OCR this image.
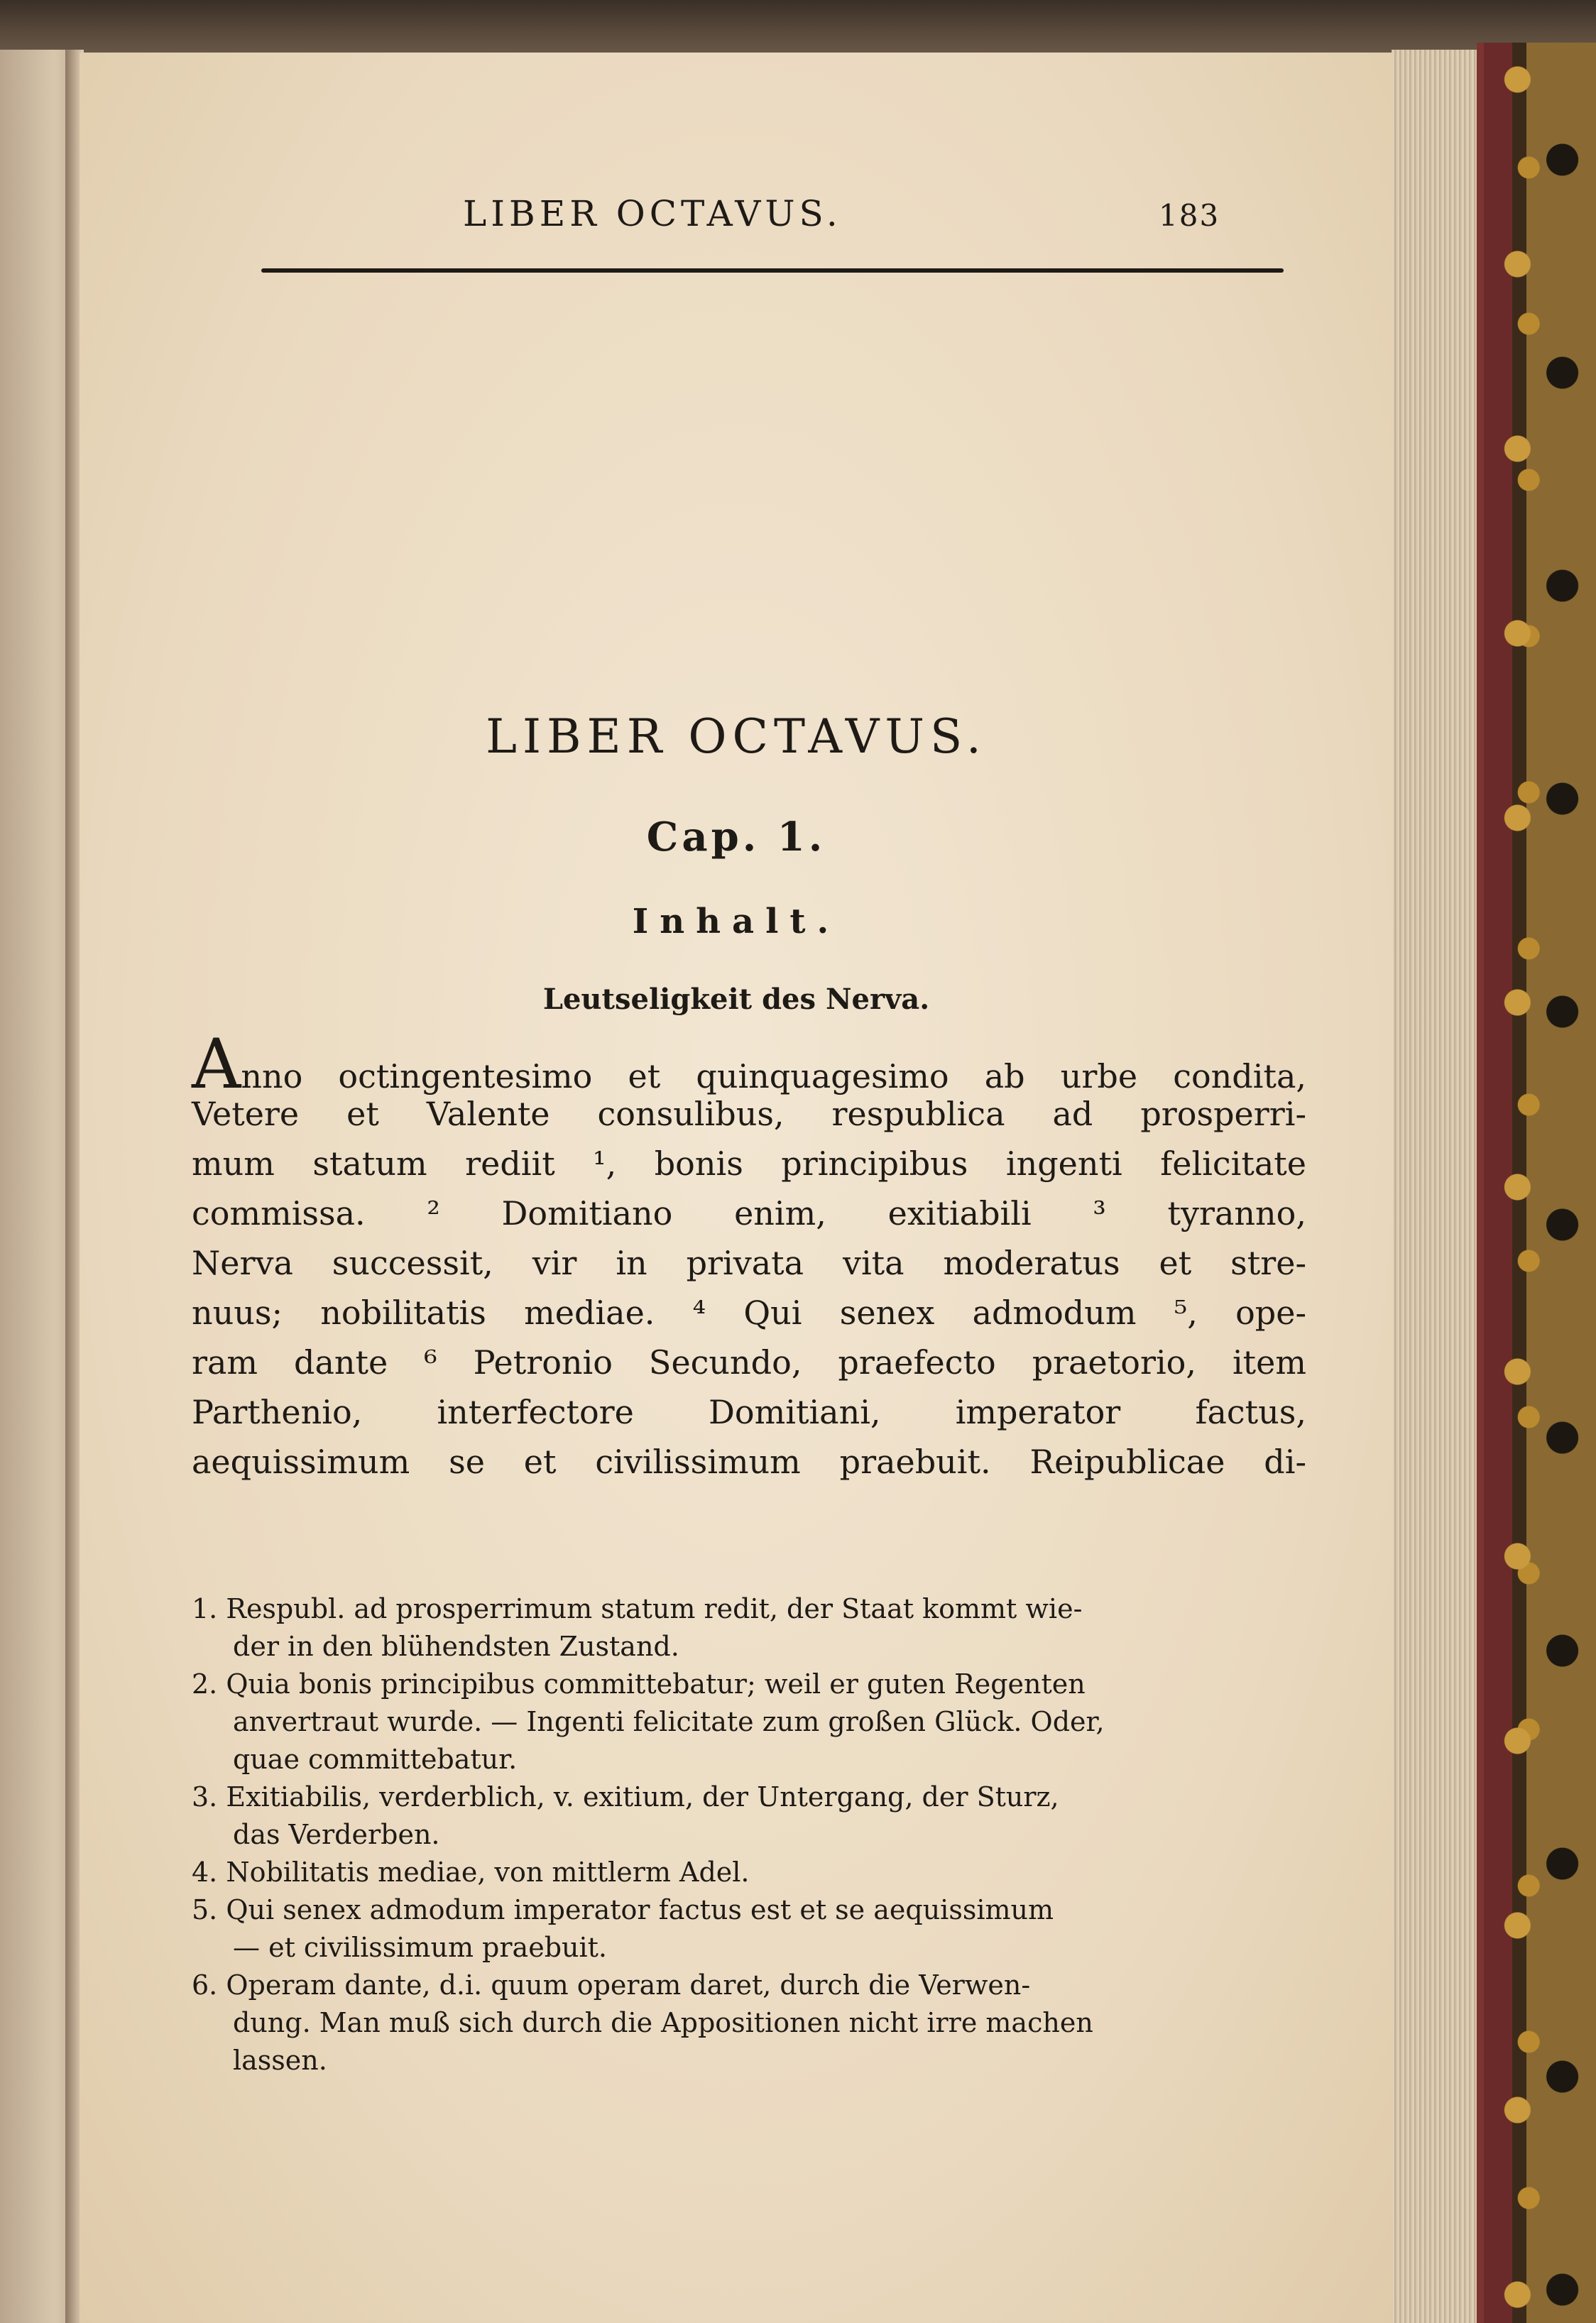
LIBER OCTAVUS.	183

LIBER OCTAVUS.
Cap. 1.
Inhalt.
Leutseligkeit des Nerva.
Anno octingentesimo et quinquagesimo ab urbe condita,
Vetere et Valente consulibus, respublica ad prosperri-
mum statum rediit ¹, bonis principibus ingenti felicitate
commissa. ² Domitiano enim, exitiabili ³ tyranno,
Nerva successit, vir in privata vita moderatus et stre-
nuus; nobilitatis mediae. ⁴ Qui senex admodum ⁵, ope-
ram dante ⁶ Petronio Secundo, praefecto praetorio, item
Parthenio, interfectore Domitiani, imperator factus,
aequissimum se et civilissimum praebuit. Reipublicae di-
1. Respubl. ad prosperrimum statum redit, der Staat kommt wie-
der in den blühendsten Zustand.
2. Quia bonis principibus committebatur; weil er guten Regenten
anvertraut wurde. — Ingenti felicitate zum großen Glück. Oder,
quae committebatur.
3. Exitiabilis, verderblich, v. exitium, der Untergang, der Sturz,
das Verderben.
4. Nobilitatis mediae, von mittlerm Adel.
5. Qui senex admodum imperator factus est et se aequissimum
— et civilissimum praebuit.
6. Operam dante, d.i. quum operam daret, durch die Verwen-
dung. Man muß sich durch die Appositionen nicht irre machen
lassen.
